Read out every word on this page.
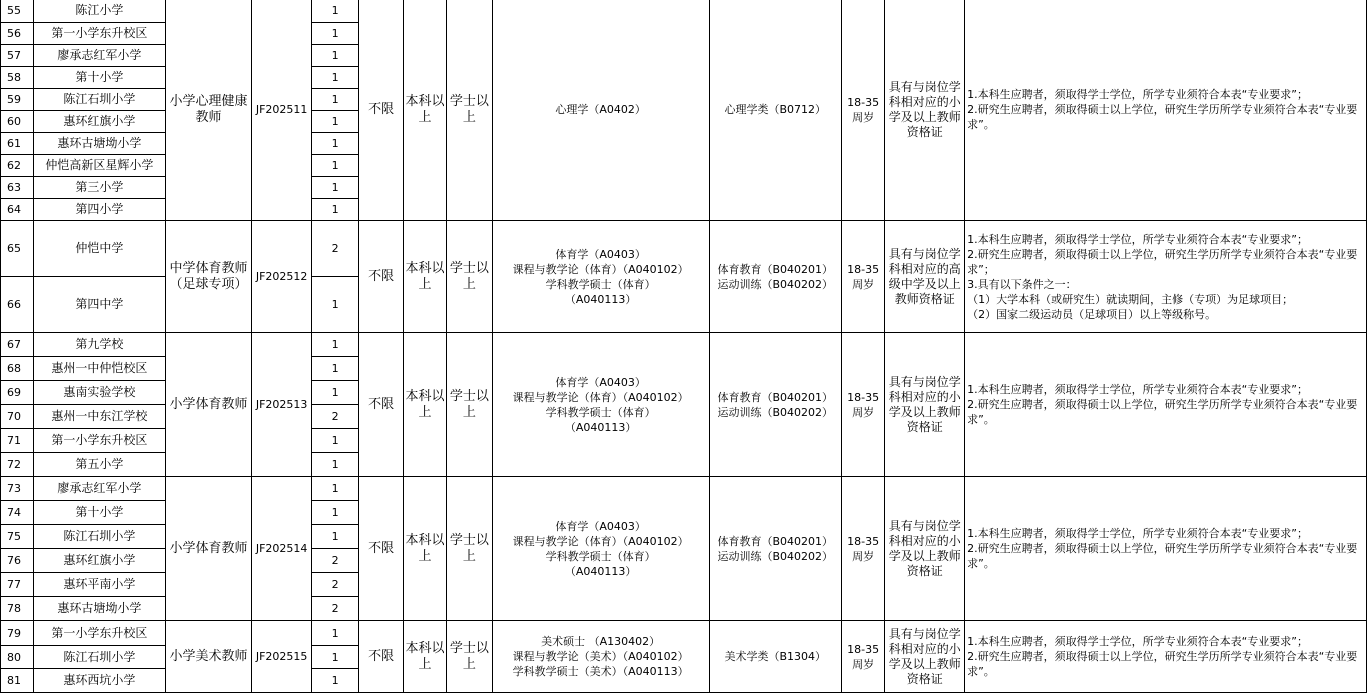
55	陈江小学	小学心理健康教师	JF202511	1	不限	本科以上	学士以上	心理学（A0402）	心理学类（B0712）	18-35
周岁	具有与岗位学科相对应的小学及以上教师资格证	1.本科生应聘者，须取得学士学位，所学专业须符合本表“专业要求”；
2.研究生应聘者，须取得硕士以上学位，研究生学历所学专业须符合本表“专业要求”。
56	第一小学东升校区			1								
57	廖承志红军小学			1								
58	第十小学			1								
59	陈江石圳小学			1								
60	惠环红旗小学			1								
61	惠环古塘坳小学			1								
62	仲恺高新区星辉小学			1								
63	第三小学			1								
64	第四小学			1								
65	仲恺中学	中学体育教师
（足球专项）	JF202512	2	不限	本科以上	学士以上	体育学（A0403）
课程与教学论（体育）（A040102）
学科教学硕士（体育）
（A040113）	体育教育（B040201）
运动训练（B040202）	18-35
周岁	具有与岗位学科相对应的高级中学及以上教师资格证	1.本科生应聘者，须取得学士学位，所学专业须符合本表“专业要求”；
2.研究生应聘者，须取得硕士以上学位，研究生学历所学专业须符合本表“专业要求”；
3.具有以下条件之一：
（1）大学本科（或研究生）就读期间，主修（专项）为足球项目；
（2）国家二级运动员（足球项目）以上等级称号。
66	第四中学			1								
67	第九学校	小学体育教师	JF202513	1	不限	本科以上	学士以上	体育学（A0403）
课程与教学论（体育）（A040102）
学科教学硕士（体育）
（A040113）	体育教育（B040201）
运动训练（B040202）	18-35
周岁	具有与岗位学科相对应的小学及以上教师资格证	1.本科生应聘者，须取得学士学位，所学专业须符合本表“专业要求”；
2.研究生应聘者，须取得硕士以上学位，研究生学历所学专业须符合本表“专业要求”。
68	惠州一中仲恺校区			1								
69	惠南实验学校			1								
70	惠州一中东江学校			2								
71	第一小学东升校区			1								
72	第五小学			1								
73	廖承志红军小学	小学体育教师	JF202514	1	不限	本科以上	学士以上	体育学（A0403）
课程与教学论（体育）（A040102）
学科教学硕士（体育）
（A040113）	体育教育（B040201）
运动训练（B040202）	18-35
周岁	具有与岗位学科相对应的小学及以上教师资格证	1.本科生应聘者，须取得学士学位，所学专业须符合本表“专业要求”；
2.研究生应聘者，须取得硕士以上学位，研究生学历所学专业须符合本表“专业要求”。
74	第十小学			1								
75	陈江石圳小学			1								
76	惠环红旗小学			2								
77	惠环平南小学			2								
78	惠环古塘坳小学			2								
79	第一小学东升校区	小学美术教师	JF202515	1	不限	本科以上	学士以上	美术硕士 （A130402）
课程与教学论（美术）（A040102）
学科教学硕士（美术）（A040113）	美术学类（B1304）	18-35
周岁	具有与岗位学科相对应的小学及以上教师资格证	1.本科生应聘者，须取得学士学位，所学专业须符合本表“专业要求”；
2.研究生应聘者，须取得硕士以上学位，研究生学历所学专业须符合本表“专业要求”。
80	陈江石圳小学			1								
81	惠环西坑小学			1								
